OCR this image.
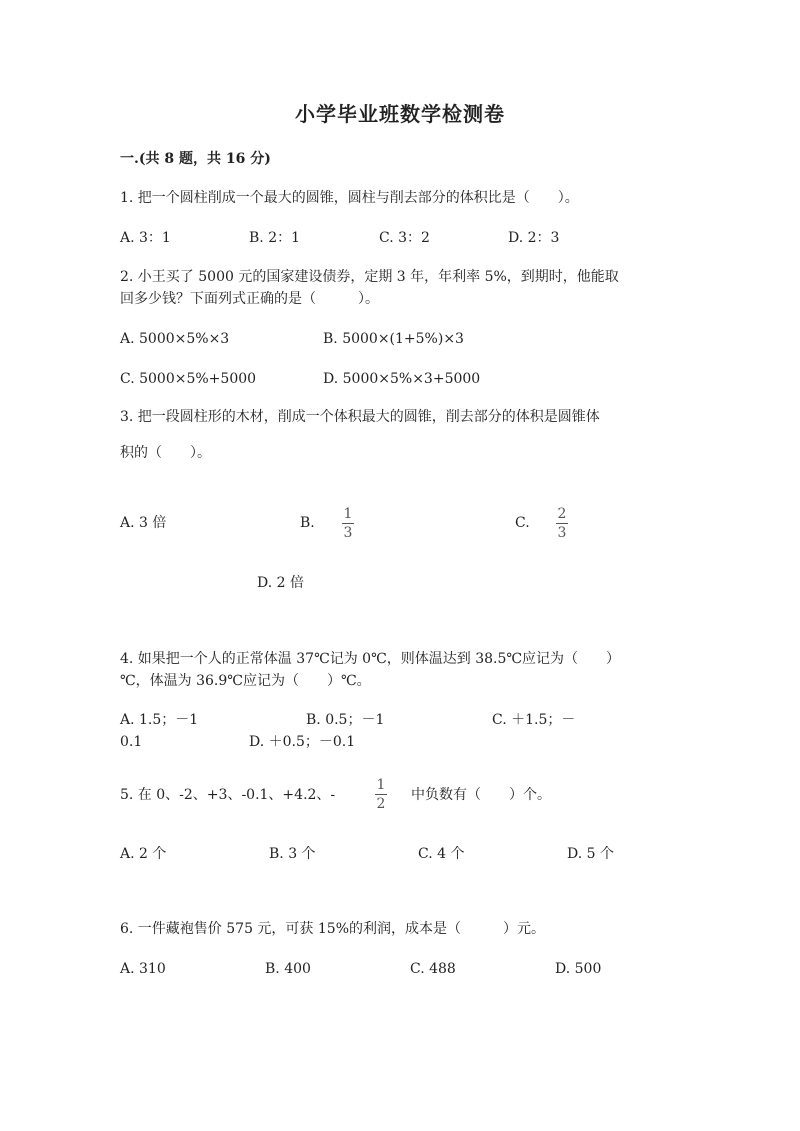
小学毕业班数学检测卷
一.(共 8 题，共 16 分)
1. 把一个圆柱削成一个最大的圆锥，圆柱与削去部分的体积比是（　　）。
A. 3：1	B. 2：1	C. 3：2	D. 2：3
2. 小王买了 5000 元的国家建设债券，定期 3 年，年利率 5%，到期时，他能取
回多少钱？下面列式正确的是（　　　）。
A. 5000×5%×3	B. 5000×(1+5%)×3
C. 5000×5%+5000	D. 5000×5%×3+5000
3. 把一段圆柱形的木材，削成一个体积最大的圆锥，削去部分的体积是圆锥体
积的（　　）。
A. 3 倍	B.
1
3
C.
2
3
D. 2 倍
4. 如果把一个人的正常体温 37℃记为 0℃，则体温达到 38.5℃应记为（　　）
℃，体温为 36.9℃应记为（　　）℃。
A. 1.5；－1	B. 0.5；－1	C. ＋1.5；－
0.1	D. ＋0.5；－0.1
5. 在 0、-2、+3、-0.1、+4.2、-
1
2
中负数有（　　）个。
A. 2 个	B. 3 个	C. 4 个	D. 5 个
6. 一件藏袍售价 575 元，可获 15%的利润，成本是（　　　）元。
A. 310	B. 400	C. 488	D. 500
